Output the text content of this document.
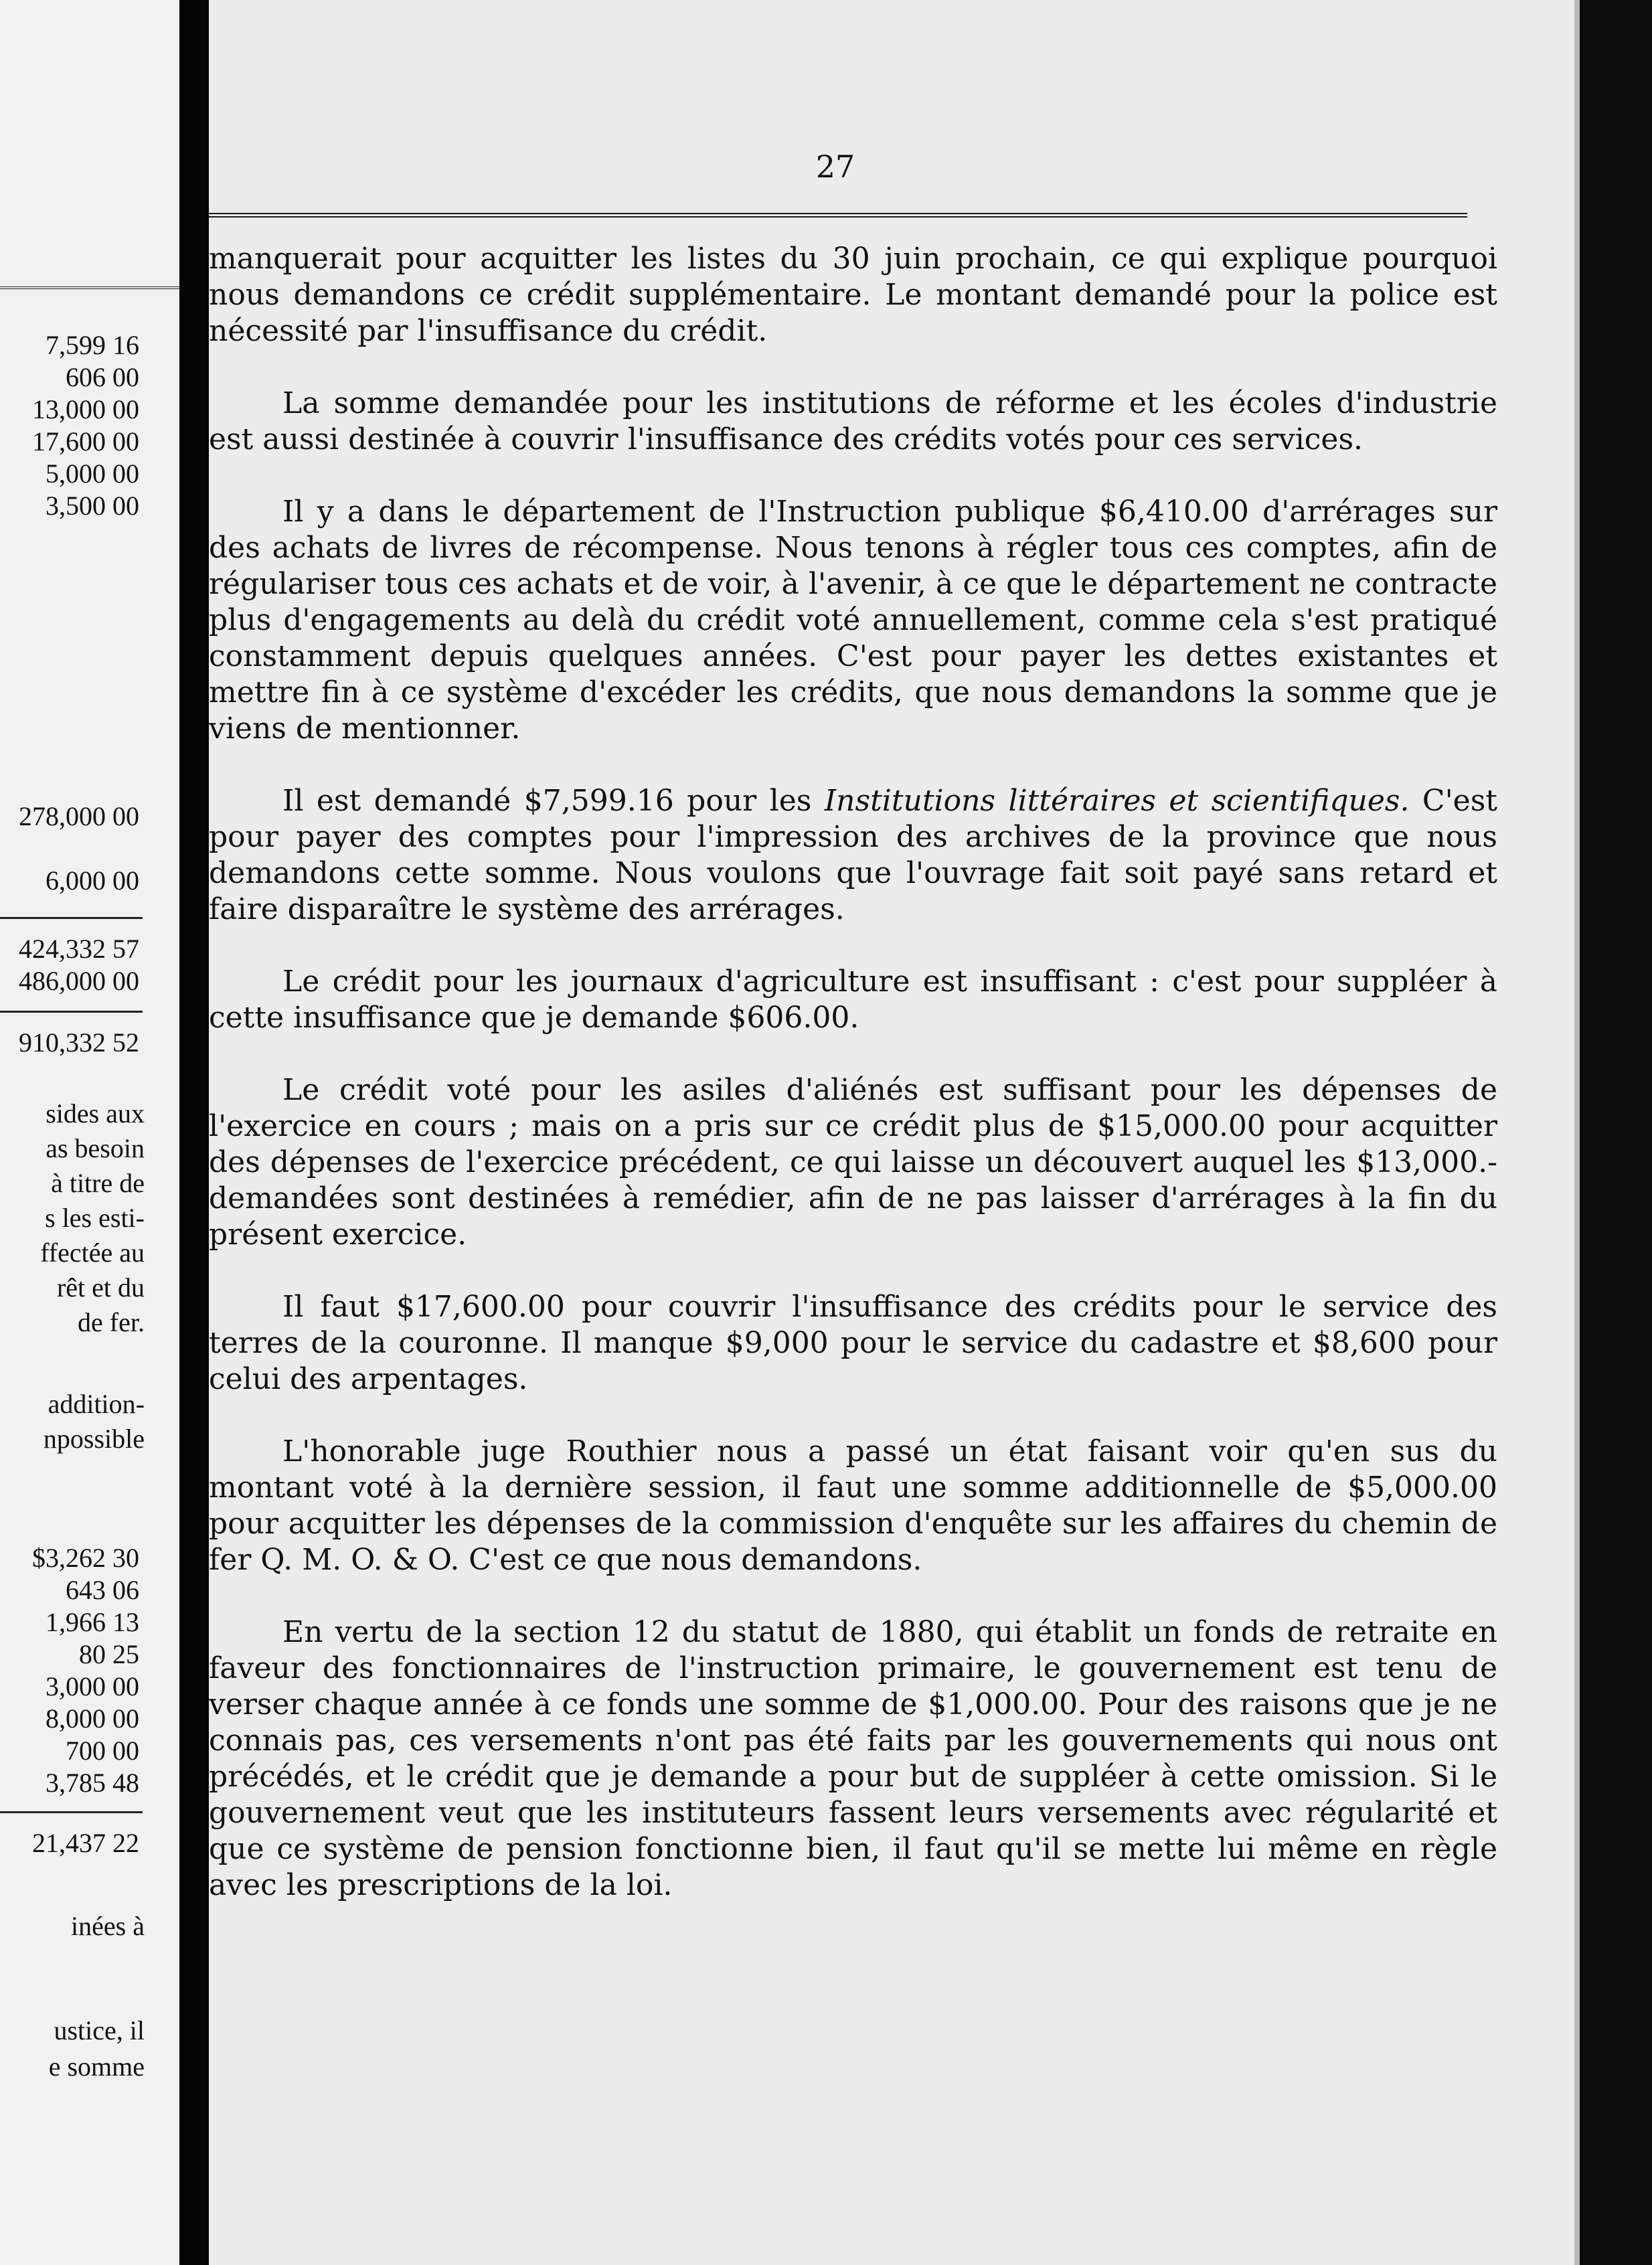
7,599 16
606 00
13,000 00
17,600 00
5,000 00
3,500 00
278,000 00
6,000 00
424,332 57
486,000 00
910,332 52
sides aux
as besoin
à titre de
s les esti-
ffectée au
rêt et du
de fer.
addition-
npossible
$3,262 30
643 06
1,966 13
80 25
3,000 00
8,000 00
700 00
3,785 48
21,437 22
inées à
ustice, il
e somme
27

manquerait pour acquitter les listes du 30 juin prochain, ce qui explique pourquoi nous demandons ce crédit supplémentaire. Le montant demandé pour la police est nécessité par l'insuffisance du crédit.

La somme demandée pour les institutions de réforme et les écoles d'industrie est aussi destinée à couvrir l'insuffisance des crédits votés pour ces services.

Il y a dans le département de l'Instruction publique $6,410.00 d'arrérages sur des achats de livres de récompense. Nous tenons à régler tous ces comptes, afin de régulariser tous ces achats et de voir, à l'avenir, à ce que le département ne contracte plus d'engagements au delà du crédit voté annuellement, comme cela s'est pratiqué constamment depuis quelques années. C'est pour payer les dettes existantes et mettre fin à ce système d'excéder les crédits, que nous demandons la somme que je viens de mentionner.

Il est demandé $7,599.16 pour les Institutions littéraires et scientifiques. C'est pour payer des comptes pour l'impression des archives de la province que nous demandons cette somme. Nous voulons que l'ouvrage fait soit payé sans retard et faire disparaître le système des arrérages.

Le crédit pour les journaux d'agriculture est insuffisant : c'est pour suppléer à cette insuffisance que je demande $606.00.

Le crédit voté pour les asiles d'aliénés est suffisant pour les dépenses de l'exercice en cours ; mais on a pris sur ce crédit plus de $15,000.00 pour acquitter des dépenses de l'exercice précédent, ce qui laisse un découvert auquel les $13,000.-demandées sont destinées à remédier, afin de ne pas laisser d'arrérages à la fin du présent exercice.

Il faut $17,600.00 pour couvrir l'insuffisance des crédits pour le service des terres de la couronne. Il manque $9,000 pour le service du cadastre et $8,600 pour celui des arpentages.

L'honorable juge Routhier nous a passé un état faisant voir qu'en sus du montant voté à la dernière session, il faut une somme additionnelle de $5,000.00 pour acquitter les dépenses de la commission d'enquête sur les affaires du chemin de fer Q. M. O. & O. C'est ce que nous demandons.

En vertu de la section 12 du statut de 1880, qui établit un fonds de retraite en faveur des fonctionnaires de l'instruction primaire, le gouvernement est tenu de verser chaque année à ce fonds une somme de $1,000.00. Pour des raisons que je ne connais pas, ces versements n'ont pas été faits par les gouvernements qui nous ont précédés, et le crédit que je demande a pour but de suppléer à cette omission. Si le gouvernement veut que les instituteurs fassent leurs versements avec régularité et que ce système de pension fonctionne bien, il faut qu'il se mette lui même en règle avec les prescriptions de la loi.
